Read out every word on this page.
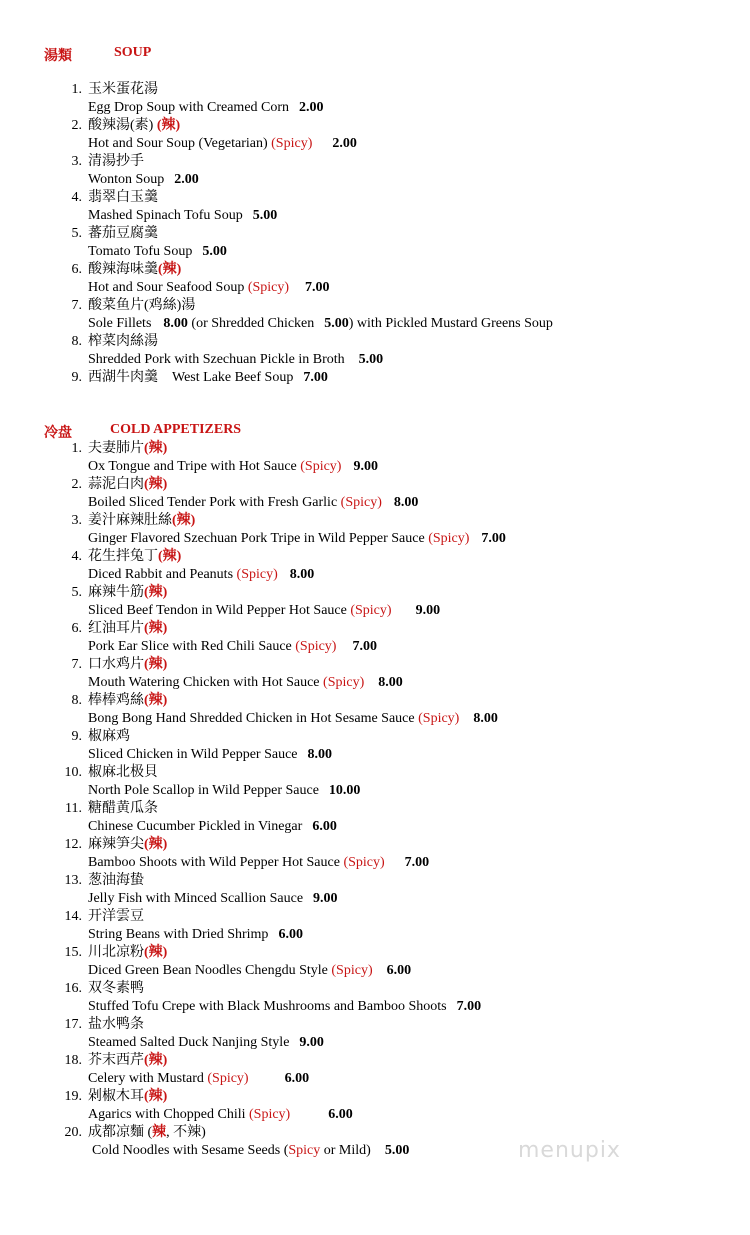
湯類	SOUP
1. 玉米蛋花湯
Egg Drop Soup with Creamed Corn 2.00
2. 酸辣湯(素) (辣)
Hot and Sour Soup (Vegetarian) (Spicy) 2.00
3. 清湯抄手
Wonton Soup 2.00
4. 翡翠白玉羹
Mashed Spinach Tofu Soup 5.00
5. 蕃茄豆腐羹
Tomato Tofu Soup 5.00
6. 酸辣海味羹(辣)
Hot and Sour Seafood Soup (Spicy) 7.00
7. 酸菜鱼片(鸡絲)湯
Sole Fillets 8.00 (or Shredded Chicken 5.00) with Pickled Mustard Greens Soup
8. 榨菜肉絲湯
Shredded Pork with Szechuan Pickle in Broth 5.00
9. 西湖牛肉羹 West Lake Beef Soup 7.00
冷盘	COLD APPETIZERS
1. 夫妻肺片(辣)
Ox Tongue and Tripe with Hot Sauce (Spicy) 9.00
2. 蒜泥白肉(辣)
Boiled Sliced Tender Pork with Fresh Garlic (Spicy) 8.00
3. 姜汁麻辣肚絲(辣)
Ginger Flavored Szechuan Pork Tripe in Wild Pepper Sauce (Spicy) 7.00
4. 花生拌兔丁(辣)
Diced Rabbit and Peanuts (Spicy) 8.00
5. 麻辣牛筋(辣)
Sliced Beef Tendon in Wild Pepper Hot Sauce (Spicy) 9.00
6. 红油耳片(辣)
Pork Ear Slice with Red Chili Sauce (Spicy) 7.00
7. 口水鸡片(辣)
Mouth Watering Chicken with Hot Sauce (Spicy) 8.00
8. 棒棒鸡絲(辣)
Bong Bong Hand Shredded Chicken in Hot Sesame Sauce (Spicy) 8.00
9. 椒麻鸡
Sliced Chicken in Wild Pepper Sauce 8.00
10. 椒麻北极貝
North Pole Scallop in Wild Pepper Sauce 10.00
11. 糖醋黄瓜条
Chinese Cucumber Pickled in Vinegar 6.00
12. 麻辣笋尖(辣)
Bamboo Shoots with Wild Pepper Hot Sauce (Spicy) 7.00
13. 葱油海蛰
Jelly Fish with Minced Scallion Sauce 9.00
14. 开洋雲豆
String Beans with Dried Shrimp 6.00
15. 川北凉粉(辣)
Diced Green Bean Noodles Chengdu Style (Spicy) 6.00
16. 双冬素鸭
Stuffed Tofu Crepe with Black Mushrooms and Bamboo Shoots 7.00
17. 盐水鸭条
Steamed Salted Duck Nanjing Style 9.00
18. 芥末西芹(辣)
Celery with Mustard (Spicy)	6.00
19. 剁椒木耳(辣)
Agarics with Chopped Chili (Spicy)	6.00
20. 成都凉麵 (辣, 不辣)
Cold Noodles with Sesame Seeds (Spicy or Mild) 5.00	menupix
